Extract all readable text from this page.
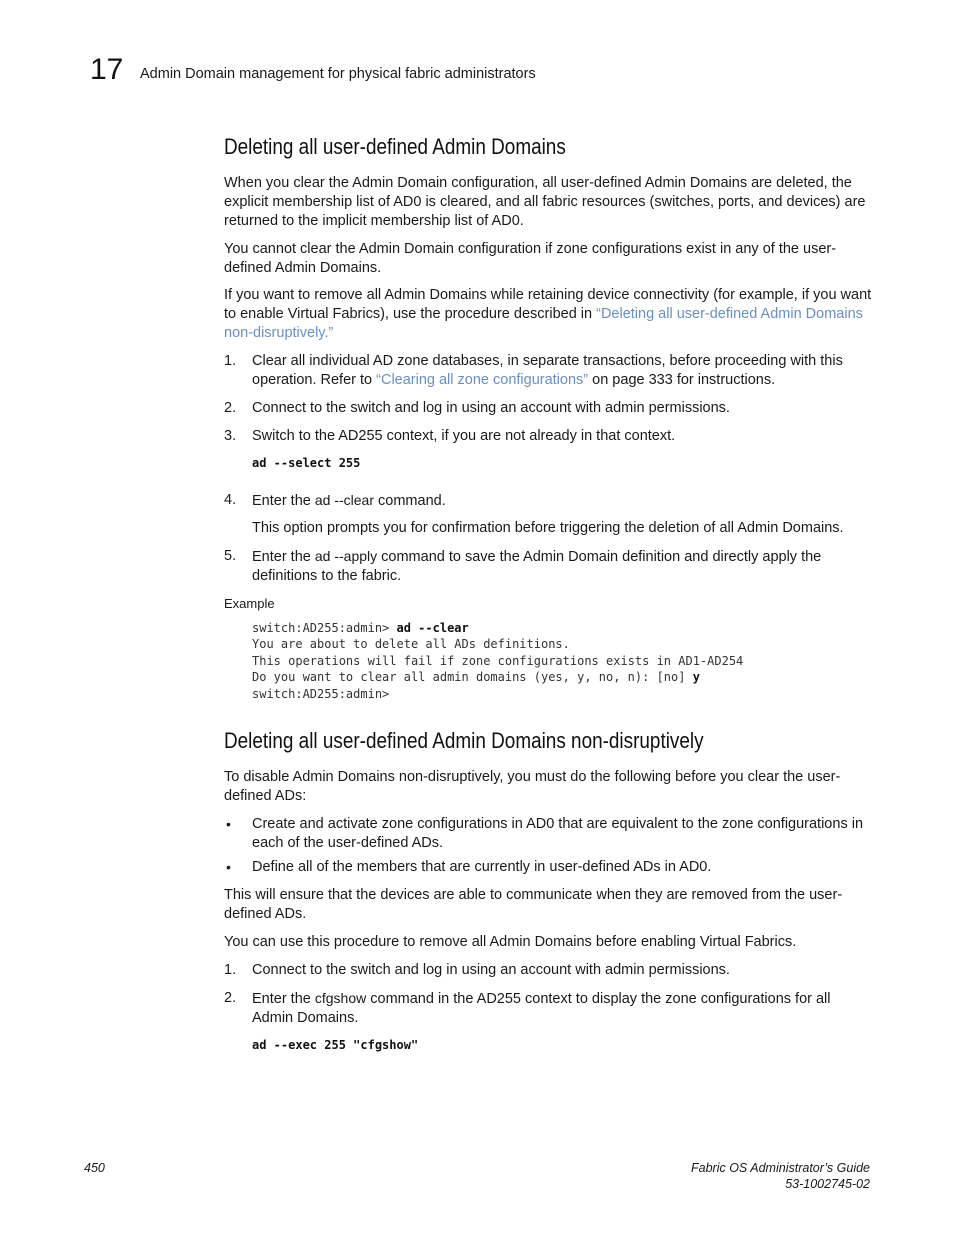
17 Admin Domain management for physical fabric administrators
Deleting all user-defined Admin Domains
When you clear the Admin Domain configuration, all user-defined Admin Domains are deleted, the explicit membership list of AD0 is cleared, and all fabric resources (switches, ports, and devices) are returned to the implicit membership list of AD0.
You cannot clear the Admin Domain configuration if zone configurations exist in any of the user-defined Admin Domains.
If you want to remove all Admin Domains while retaining device connectivity (for example, if you want to enable Virtual Fabrics), use the procedure described in “Deleting all user-defined Admin Domains non-disruptively.”
1. Clear all individual AD zone databases, in separate transactions, before proceeding with this operation. Refer to “Clearing all zone configurations” on page 333 for instructions.
2. Connect to the switch and log in using an account with admin permissions.
3. Switch to the AD255 context, if you are not already in that context.
ad --select 255
4. Enter the ad --clear command.
This option prompts you for confirmation before triggering the deletion of all Admin Domains.
5. Enter the ad --apply command to save the Admin Domain definition and directly apply the definitions to the fabric.
Example
switch:AD255:admin> ad --clear
You are about to delete all ADs definitions.
This operations will fail if zone configurations exists in AD1-AD254
Do you want to clear all admin domains (yes, y, no, n): [no] y
switch:AD255:admin>
Deleting all user-defined Admin Domains non-disruptively
To disable Admin Domains non-disruptively, you must do the following before you clear the user-defined ADs:
• Create and activate zone configurations in AD0 that are equivalent to the zone configurations in each of the user-defined ADs.
• Define all of the members that are currently in user-defined ADs in AD0.
This will ensure that the devices are able to communicate when they are removed from the user-defined ADs.
You can use this procedure to remove all Admin Domains before enabling Virtual Fabrics.
1. Connect to the switch and log in using an account with admin permissions.
2. Enter the cfgshow command in the AD255 context to display the zone configurations for all Admin Domains.
ad --exec 255 "cfgshow"
450	Fabric OS Administrator’s Guide
53-1002745-02
